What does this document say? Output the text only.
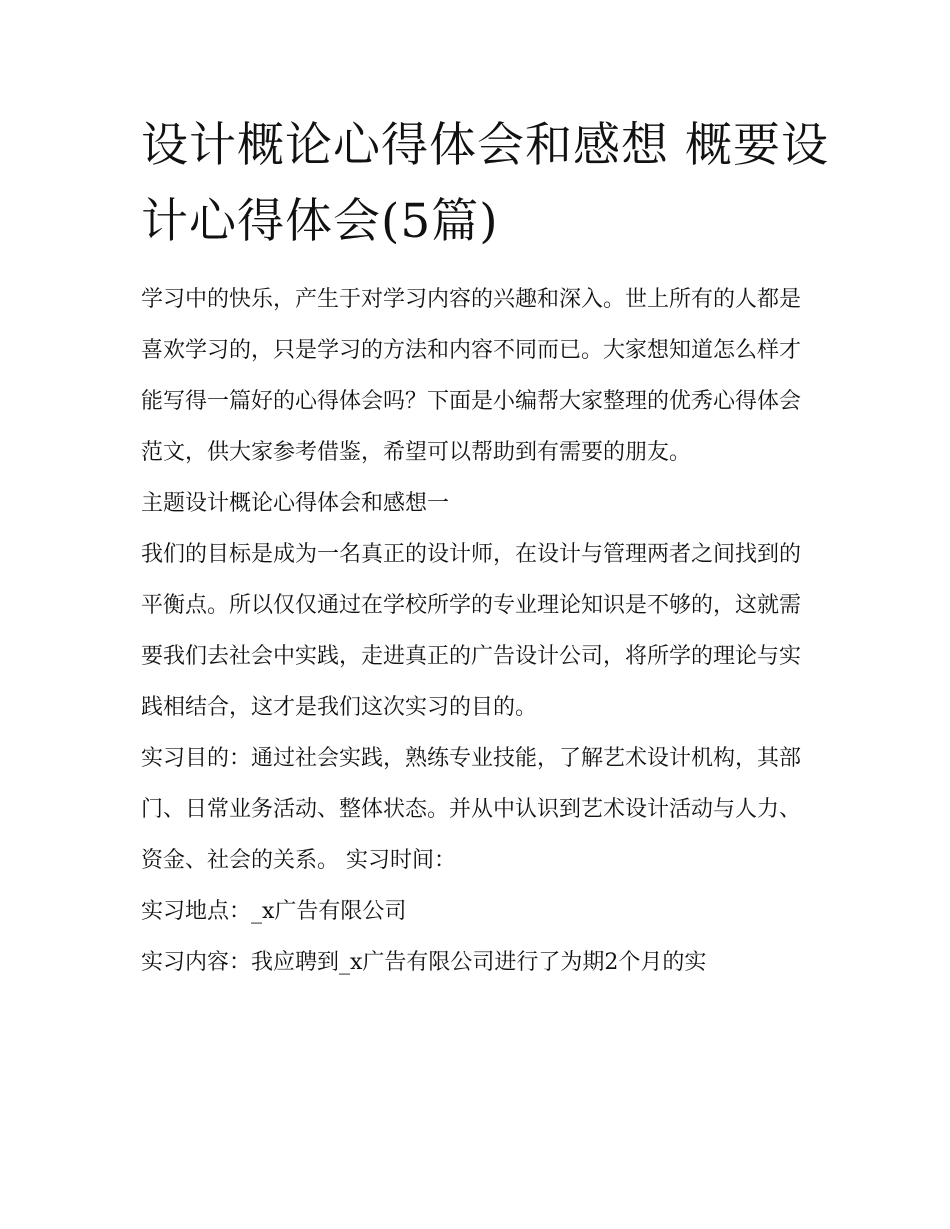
设计概论心得体会和感想 概要设计心得体会(5篇)

学习中的快乐，产生于对学习内容的兴趣和深入。世上所有的人都是喜欢学习的，只是学习的方法和内容不同而已。大家想知道怎么样才能写得一篇好的心得体会吗？下面是小编帮大家整理的优秀心得体会范文，供大家参考借鉴，希望可以帮助到有需要的朋友。

主题设计概论心得体会和感想一

我们的目标是成为一名真正的设计师，在设计与管理两者之间找到的平衡点。所以仅仅通过在学校所学的专业理论知识是不够的，这就需要我们去社会中实践，走进真正的广告设计公司，将所学的理论与实践相结合，这才是我们这次实习的目的。

实习目的：通过社会实践，熟练专业技能，了解艺术设计机构，其部门、日常业务活动、整体状态。并从中认识到艺术设计活动与人力、资金、社会的关系。 实习时间：

实习地点：_x广告有限公司

实习内容：我应聘到_x广告有限公司进行了为期2个月的实
